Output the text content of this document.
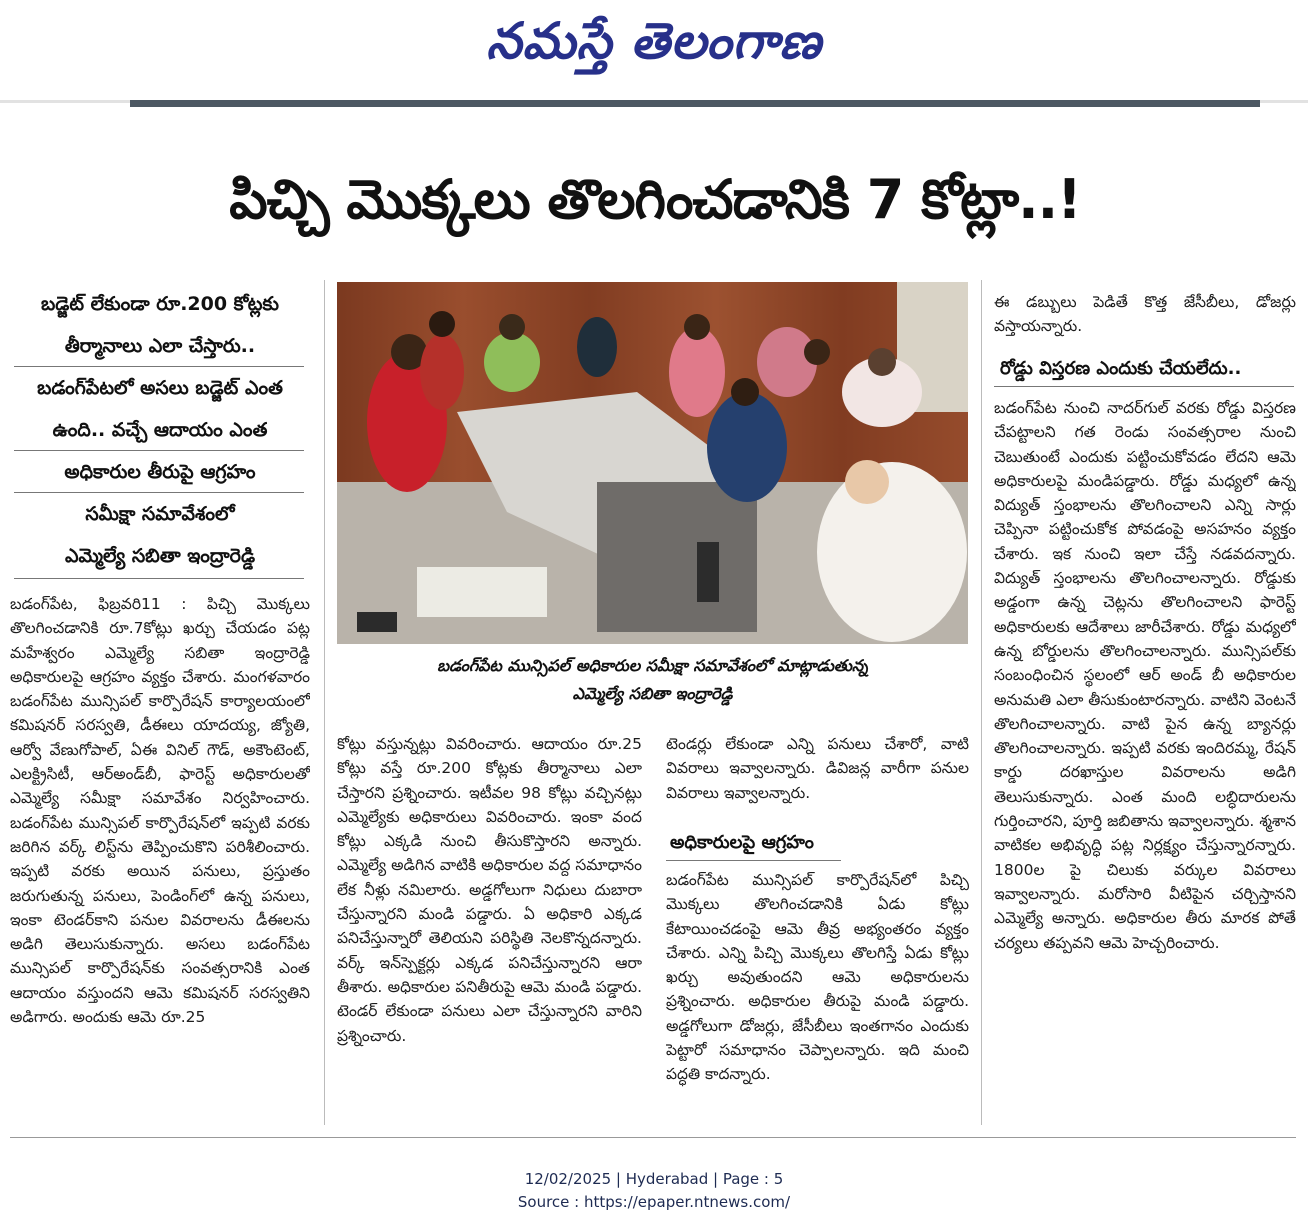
నమస్తే తెలంగాణ
పిచ్చి మొక్కలు తొలగించడానికి 7 కోట్లా..!
బడ్జెట్ లేకుండా రూ.200 కోట్లకు
తీర్మానాలు ఎలా చేస్తారు..
బడంగ్‌పేటలో అసలు బడ్జెట్ ఎంత
ఉంది.. వచ్చే ఆదాయం ఎంత
అధికారుల తీరుపై ఆగ్రహం
సమీక్షా సమావేశంలో
ఎమ్మెల్యే సబితా ఇంద్రారెడ్డి

బడంగ్‌పేట, ఫిబ్రవరి11 : పిచ్చి మొక్కలు తొలగించడానికి రూ.7కోట్లు ఖర్చు చేయడం పట్ల మహేశ్వరం ఎమ్మెల్యే సబితా ఇంద్రారెడ్డి అధికారులపై ఆగ్రహం వ్యక్తం చేశారు. మంగళవారం బడంగ్‌పేట మున్సిపల్ కార్పొరేషన్ కార్యాలయంలో కమిషనర్ సరస్వతి, డీఈలు యాదయ్య, జ్యోతి, ఆర్వో వేణుగోపాల్, ఏఈ వినిల్ గౌడ్, అకౌంటెంట్, ఎలక్ట్రిసిటీ, ఆర్అండ్‌బీ, ఫారెస్ట్ అధికారులతో ఎమ్మెల్యే సమీక్షా సమావేశం నిర్వహించారు. బడంగ్‌పేట మున్సిపల్ కార్పొరేషన్‌లో ఇప్పటి వరకు జరిగిన వర్క్ లిస్ట్‌ను తెప్పించుకొని పరిశీలించారు. ఇప్పటి వరకు అయిన పనులు, ప్రస్తుతం జరుగుతున్న పనులు, పెండింగ్‌లో ఉన్న పనులు, ఇంకా టెండర్‌కాని పనుల వివరాలను డీఈలను అడిగి తెలుసుకున్నారు. అసలు బడంగ్‌పేట మున్సిపల్ కార్పొరేషన్‌కు సంవత్సరానికి ఎంత ఆదాయం వస్తుందని ఆమె కమిషనర్ సరస్వతిని అడిగారు. అందుకు ఆమె రూ.25

బడంగ్‌పేట మున్సిపల్ అధికారుల సమీక్షా సమావేశంలో మాట్లాడుతున్న
ఎమ్మెల్యే సబితా ఇంద్రారెడ్డి

కోట్లు వస్తున్నట్లు వివరించారు. ఆదాయం రూ.25 కోట్లు వస్తే రూ.200 కోట్లకు తీర్మానాలు ఎలా చేస్తారని ప్రశ్నించారు. ఇటీవల 98 కోట్లు వచ్చినట్లు ఎమ్మెల్యేకు అధికారులు వివరించారు. ఇంకా వంద కోట్లు ఎక్కడి నుంచి తీసుకొస్తారని అన్నారు. ఎమ్మెల్యే అడిగిన వాటికి అధికారుల వద్ద సమాధానం లేక నీళ్లు నమిలారు. అడ్డగోలుగా నిధులు దుబారా చేస్తున్నారని మండి పడ్డారు. ఏ అధికారి ఎక్కడ పనిచేస్తున్నారో తెలియని పరిస్థితి నెలకొన్నదన్నారు. వర్క్ ఇన్‌స్పెక్టర్లు ఎక్కడ పనిచేస్తున్నారని ఆరా తీశారు. అధికారుల పనితీరుపై ఆమె మండి పడ్డారు. టెండర్ లేకుండా పనులు ఎలా చేస్తున్నారని వారిని ప్రశ్నించారు.

టెండర్లు లేకుండా ఎన్ని పనులు చేశారో, వాటి వివరాలు ఇవ్వాలన్నారు. డివిజన్ల వారీగా పనుల వివరాలు ఇవ్వాలన్నారు.

అధికారులపై ఆగ్రహం

బడంగ్‌పేట మున్సిపల్ కార్పొరేషన్‌లో పిచ్చి మొక్కలు తొలగించడానికి ఏడు కోట్లు కేటాయించడంపై ఆమె తీవ్ర అభ్యంతరం వ్యక్తం చేశారు. ఎన్ని పిచ్చి మొక్కలు తొలగిస్తే ఏడు కోట్లు ఖర్చు అవుతుందని ఆమె అధికారులను ప్రశ్నించారు. అధికారుల తీరుపై మండి పడ్డారు. అడ్డగోలుగా డోజర్లు, జేసీబీలు ఇంతగానం ఎందుకు పెట్టారో సమాధానం చెప్పాలన్నారు. ఇది మంచి పద్ధతి కాదన్నారు.

ఈ డబ్బులు పెడితే కొత్త జేసీబీలు, డోజర్లు వస్తాయన్నారు.

రోడ్డు విస్తరణ ఎందుకు చేయలేదు..

బడంగ్‌పేట నుంచి నాదర్‌గుల్ వరకు రోడ్డు విస్తరణ చేపట్టాలని గత రెండు సంవత్సరాల నుంచి చెబుతుంటే ఎందుకు పట్టించుకోవడం లేదని ఆమె అధికారులపై మండిపడ్డారు. రోడ్డు మధ్యలో ఉన్న విద్యుత్ స్తంభాలను తొలగించాలని ఎన్ని సార్లు చెప్పినా పట్టించుకోక పోవడంపై అసహనం వ్యక్తం చేశారు. ఇక నుంచి ఇలా చేస్తే నడవదన్నారు. విద్యుత్ స్తంభాలను తొలగించాలన్నారు. రోడ్డుకు అడ్డంగా ఉన్న చెట్లను తొలగించాలని ఫారెస్ట్ అధికారులకు ఆదేశాలు జారీచేశారు. రోడ్డు మధ్యలో ఉన్న బోర్డులను తొలగించాలన్నారు. మున్సిపల్‌కు సంబంధించిన స్థలంలో ఆర్ అండ్ బీ అధికారుల అనుమతి ఎలా తీసుకుంటారన్నారు. వాటిని వెంటనే తొలగించాలన్నారు. వాటి పైన ఉన్న బ్యానర్లు తొలగించాలన్నారు. ఇప్పటి వరకు ఇందిరమ్మ, రేషన్ కార్డు దరఖాస్తుల వివరాలను అడిగి తెలుసుకున్నారు. ఎంత మంది లబ్ధిదారులను గుర్తించారని, పూర్తి జబితాను ఇవ్వాలన్నారు. శ్మశాన వాటికల అభివృద్ధి పట్ల నిర్లక్ష్యం చేస్తున్నారన్నారు. 1800ల పై చిలుకు వర్కుల వివరాలు ఇవ్వాలన్నారు. మరోసారి వీటిపైన చర్చిస్తానని ఎమ్మెల్యే అన్నారు. అధికారుల తీరు మారక పోతే చర్యలు తప్పవని ఆమె హెచ్చరించారు.

12/02/2025 | Hyderabad | Page : 5
Source : https://epaper.ntnews.com/
